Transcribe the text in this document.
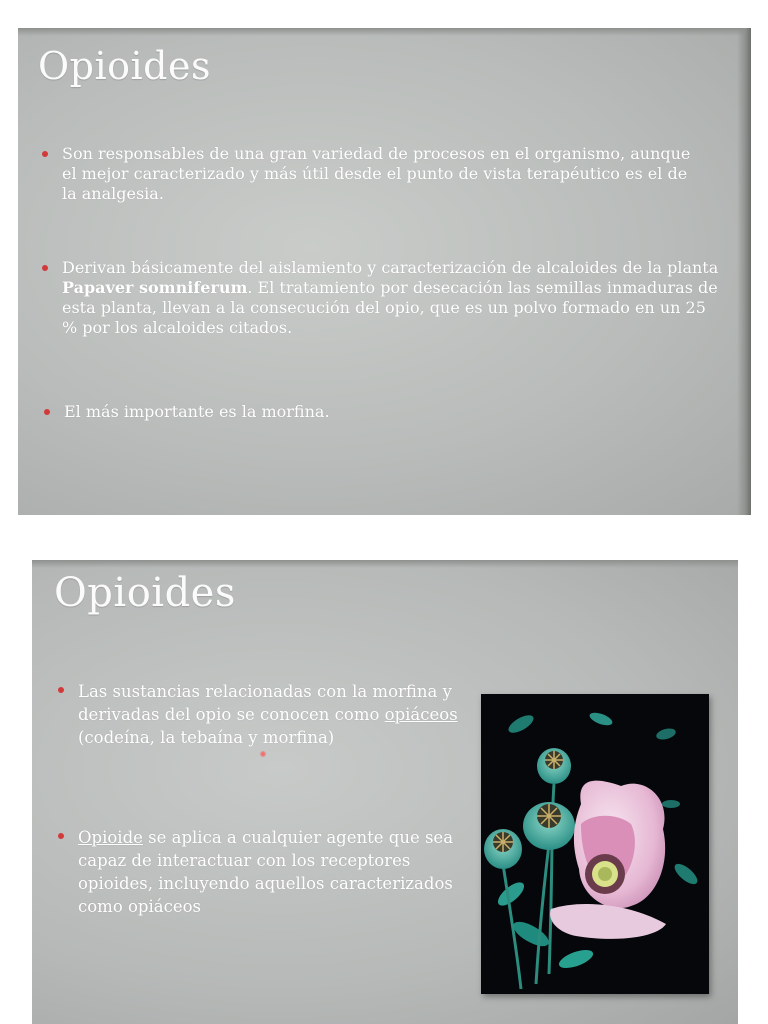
Opioides
Son responsables de una gran variedad de procesos en el organismo, aunque el mejor caracterizado y más útil desde el punto de vista terapéutico es el de la analgesia.
Derivan básicamente del aislamiento y caracterización de alcaloides de la planta Papaver somniferum. El tratamiento por desecación las semillas inmaduras de esta planta, llevan a la consecución del opio, que es un polvo formado en un 25 % por los alcaloides citados.
El más importante es la morfina.
Opioides
Las sustancias relacionadas con la morfina y derivadas del opio se conocen como opiáceos (codeína, la tebaína y morfina)
Opioide se aplica a cualquier agente que sea capaz de interactuar con los receptores opioides, incluyendo aquellos caracterizados como opiáceos
